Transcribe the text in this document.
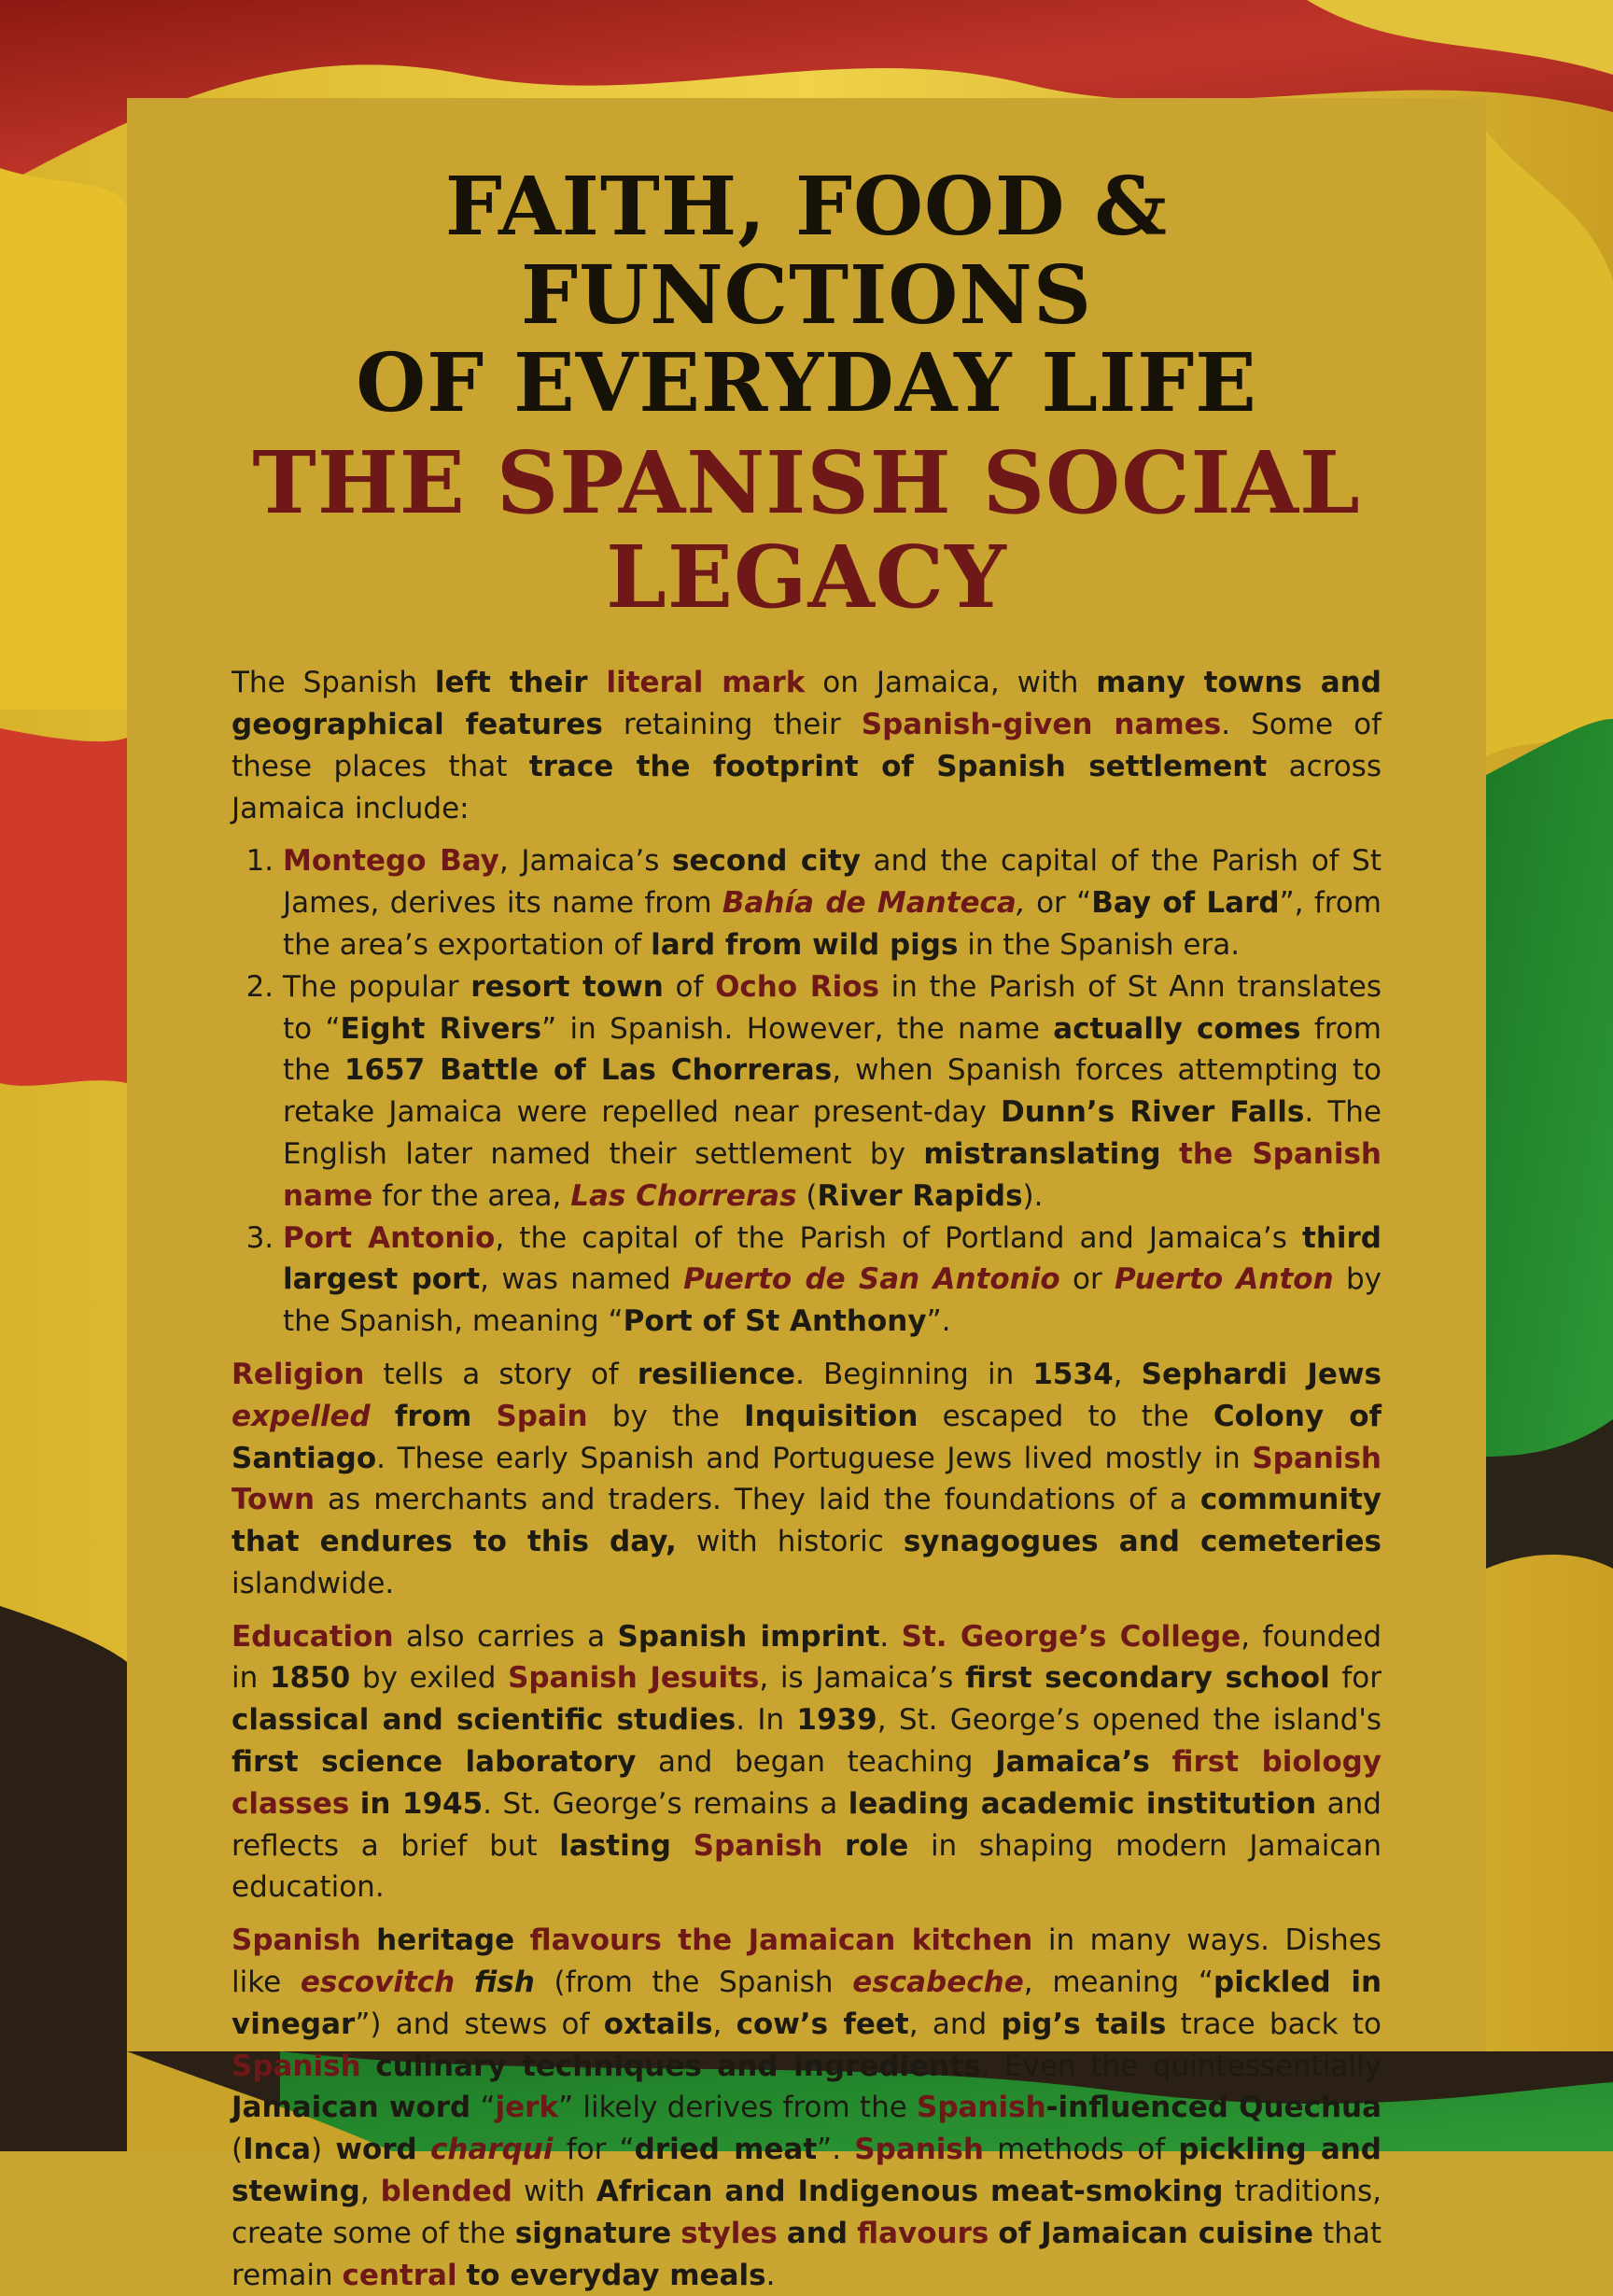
FAITH, FOOD & FUNCTIONS
OF EVERYDAY LIFE
THE SPANISH SOCIAL LEGACY

The Spanish left their literal mark on Jamaica, with many towns and geographical features retaining their Spanish-given names. Some of these places that trace the footprint of Spanish settlement across Jamaica include:

1. Montego Bay, Jamaica’s second city and the capital of the Parish of St James, derives its name from Bahía de Manteca, or “Bay of Lard”, from the area’s exportation of lard from wild pigs in the Spanish era.
2. The popular resort town of Ocho Rios in the Parish of St Ann translates to “Eight Rivers” in Spanish. However, the name actually comes from the 1657 Battle of Las Chorreras, when Spanish forces attempting to retake Jamaica were repelled near present-day Dunn’s River Falls. The English later named their settlement by mistranslating the Spanish name for the area, Las Chorreras (River Rapids).
3. Port Antonio, the capital of the Parish of Portland and Jamaica’s third largest port, was named Puerto de San Antonio or Puerto Anton by the Spanish, meaning “Port of St Anthony”.

Religion tells a story of resilience. Beginning in 1534, Sephardi Jews expelled from Spain by the Inquisition escaped to the Colony of Santiago. These early Spanish and Portuguese Jews lived mostly in Spanish Town as merchants and traders. They laid the foundations of a community that endures to this day, with historic synagogues and cemeteries islandwide.

Education also carries a Spanish imprint. St. George’s College, founded in 1850 by exiled Spanish Jesuits, is Jamaica’s first secondary school for classical and scientific studies. In 1939, St. George’s opened the island's first science laboratory and began teaching Jamaica’s first biology classes in 1945. St. George’s remains a leading academic institution and reflects a brief but lasting Spanish role in shaping modern Jamaican education.

Spanish heritage flavours the Jamaican kitchen in many ways. Dishes like escovitch fish (from the Spanish escabeche, meaning “pickled in vinegar”) and stews of oxtails, cow’s feet, and pig’s tails trace back to Spanish culinary techniques and ingredients. Even the quintessentially Jamaican word “jerk” likely derives from the Spanish-influenced Quechua (Inca) word charqui for “dried meat”. Spanish methods of pickling and stewing, blended with African and Indigenous meat-smoking traditions, create some of the signature styles and flavours of Jamaican cuisine that remain central to everyday meals.
